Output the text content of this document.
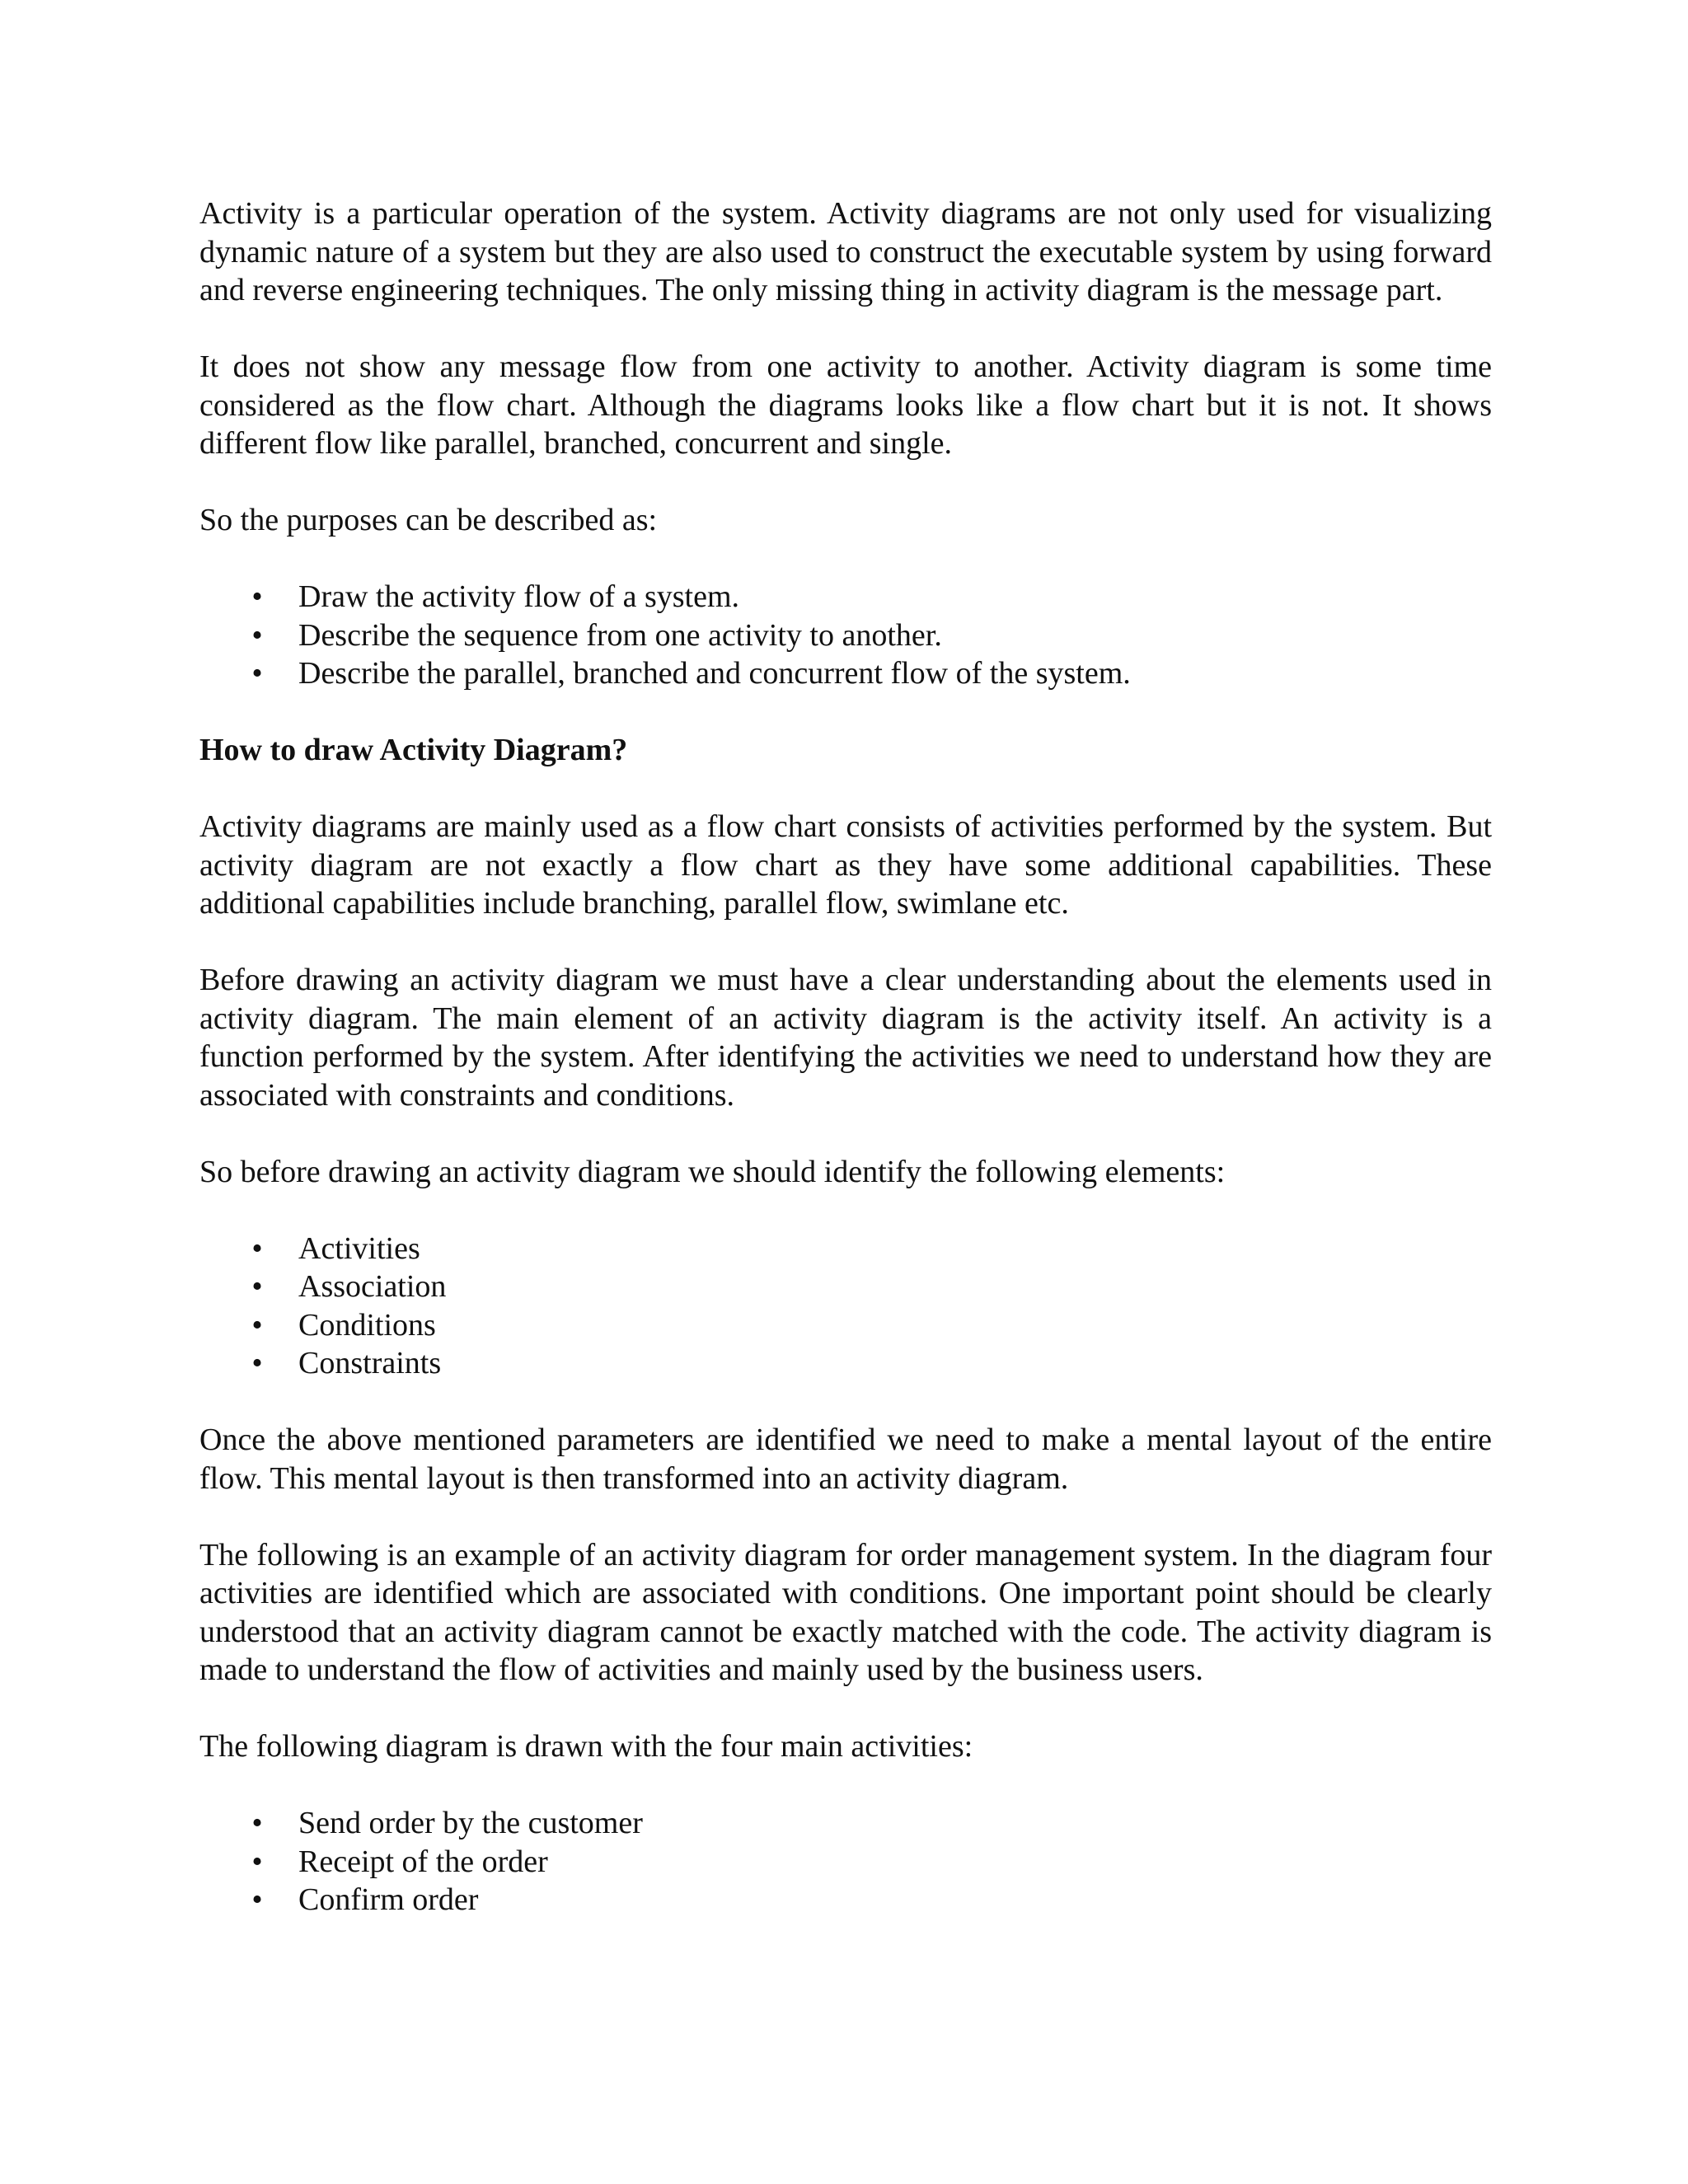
Activity is a particular operation of the system. Activity diagrams are not only used for visualizing dynamic nature of a system but they are also used to construct the executable system by using forward and reverse engineering techniques. The only missing thing in activity diagram is the message part.

It does not show any message flow from one activity to another. Activity diagram is some time considered as the flow chart. Although the diagrams looks like a flow chart but it is not. It shows different flow like parallel, branched, concurrent and single.

So the purposes can be described as:

• Draw the activity flow of a system.
• Describe the sequence from one activity to another.
• Describe the parallel, branched and concurrent flow of the system.

How to draw Activity Diagram?

Activity diagrams are mainly used as a flow chart consists of activities performed by the system. But activity diagram are not exactly a flow chart as they have some additional capabilities. These additional capabilities include branching, parallel flow, swimlane etc.

Before drawing an activity diagram we must have a clear understanding about the elements used in activity diagram. The main element of an activity diagram is the activity itself. An activity is a function performed by the system. After identifying the activities we need to understand how they are associated with constraints and conditions.

So before drawing an activity diagram we should identify the following elements:

• Activities
• Association
• Conditions
• Constraints

Once the above mentioned parameters are identified we need to make a mental layout of the entire flow. This mental layout is then transformed into an activity diagram.

The following is an example of an activity diagram for order management system. In the diagram four activities are identified which are associated with conditions. One important point should be clearly understood that an activity diagram cannot be exactly matched with the code. The activity diagram is made to understand the flow of activities and mainly used by the business users.

The following diagram is drawn with the four main activities:

• Send order by the customer
• Receipt of the order
• Confirm order
